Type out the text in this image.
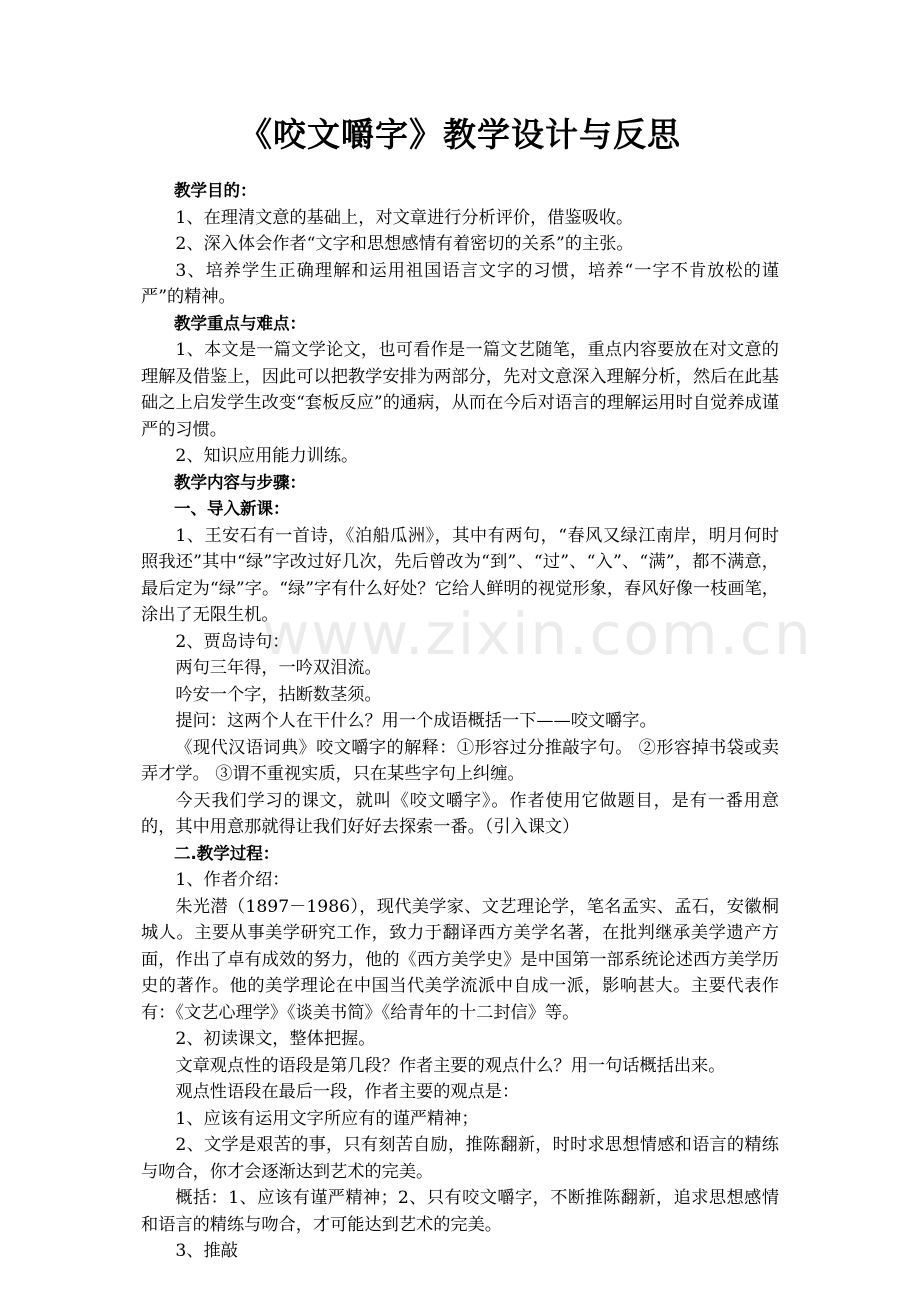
www.zixin.com.cn
《咬文嚼字》教学设计与反思

教学目的：

1、在理清文意的基础上，对文章进行分析评价，借鉴吸收。

2、深入体会作者“文字和思想感情有着密切的关系”的主张。

3、培养学生正确理解和运用祖国语言文字的习惯，培养“一字不肯放松的谨严”的精神。

教学重点与难点：

1、本文是一篇文学论文，也可看作是一篇文艺随笔，重点内容要放在对文意的理解及借鉴上，因此可以把教学安排为两部分，先对文意深入理解分析，然后在此基础之上启发学生改变“套板反应”的通病，从而在今后对语言的理解运用时自觉养成谨严的习惯。

2、知识应用能力训练。

教学内容与步骤：

一、导入新课：

1、王安石有一首诗，《泊船瓜洲》，其中有两句，“春风又绿江南岸，明月何时照我还”其中“绿”字改过好几次，先后曾改为“到”、“过”、“入”、“满”，都不满意，最后定为“绿”字。“绿”字有什么好处？它给人鲜明的视觉形象，春风好像一枝画笔，涂出了无限生机。

2、贾岛诗句：

两句三年得，一吟双泪流。

吟安一个字，拈断数茎须。

提问：这两个人在干什么？用一个成语概括一下——咬文嚼字。

《现代汉语词典》咬文嚼字的解释：①形容过分推敲字句。 ②形容掉书袋或卖弄才学。 ③谓不重视实质，只在某些字句上纠缠。

今天我们学习的课文，就叫《咬文嚼字》。作者使用它做题目，是有一番用意的，其中用意那就得让我们好好去探索一番。（引入课文）

二.教学过程：

1、作者介绍：

朱光潜（1897－1986），现代美学家、文艺理论学，笔名孟实、孟石，安徽桐城人。主要从事美学研究工作，致力于翻译西方美学名著，在批判继承美学遗产方面，作出了卓有成效的努力，他的《西方美学史》是中国第一部系统论述西方美学历史的著作。他的美学理论在中国当代美学流派中自成一派，影响甚大。主要代表作有：《文艺心理学》《谈美书简》《给青年的十二封信》等。

2、初读课文，整体把握。

文章观点性的语段是第几段？作者主要的观点什么？用一句话概括出来。

观点性语段在最后一段，作者主要的观点是：

1、应该有运用文字所应有的谨严精神；

2、文学是艰苦的事，只有刻苦自励，推陈翻新，时时求思想情感和语言的精练与吻合，你才会逐渐达到艺术的完美。

概括：1、应该有谨严精神；2、只有咬文嚼字，不断推陈翻新，追求思想感情和语言的精练与吻合，才可能达到艺术的完美。

3、推敲
